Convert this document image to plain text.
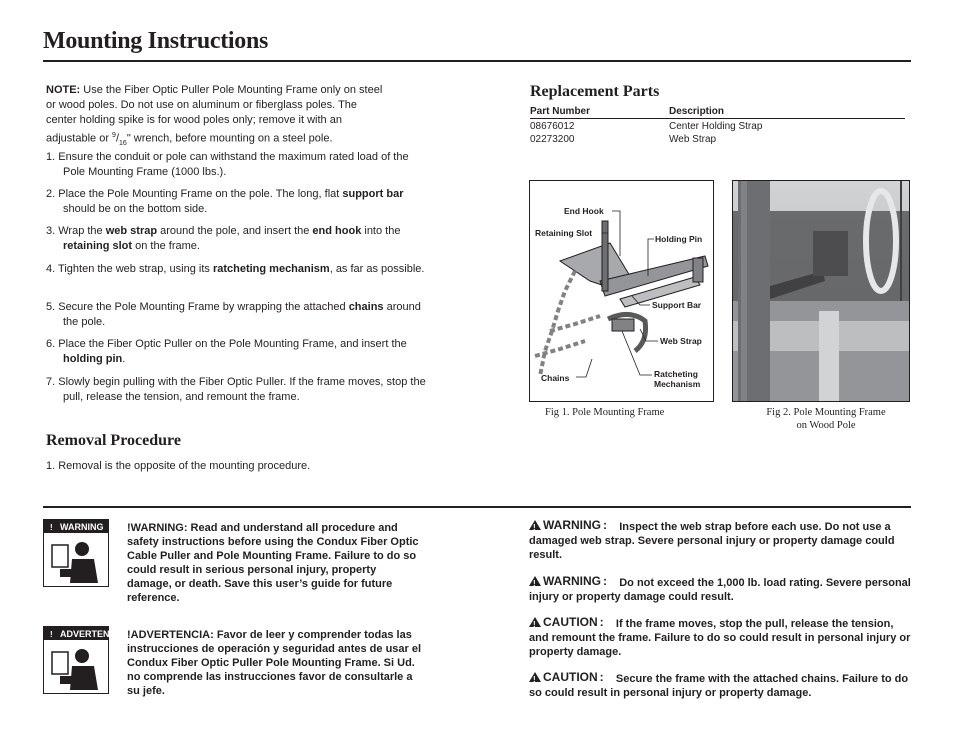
Mounting Instructions
NOTE: Use the Fiber Optic Puller Pole Mounting Frame only on steel
or wood poles. Do not use on aluminum or fiberglass poles. The
center holding spike is for wood poles only; remove it with an
adjustable or $^9/_{16}$" wrench, before mounting on a steel pole.
1. Ensure the conduit or pole can withstand the maximum rated load of the Pole Mounting Frame (1000 lbs.).
2. Place the Pole Mounting Frame on the pole. The long, flat support bar should be on the bottom side.
3. Wrap the web strap around the pole, and insert the end hook into the retaining slot on the frame.
4. Tighten the web strap, using its ratcheting mechanism, as far as possible.
5. Secure the Pole Mounting Frame by wrapping the attached chains around the pole.
6. Place the Fiber Optic Puller on the Pole Mounting Frame, and insert the holding pin.
7. Slowly begin pulling with the Fiber Optic Puller. If the frame moves, stop the pull, release the tension, and remount the frame.
Removal Procedure
1. Removal is the opposite of the mounting procedure.
Replacement Parts
Part Number	Description
08676012	Center Holding Strap
02273200	Web Strap
End Hook
Retaining Slot
Holding Pin
Support Bar
Web Strap
Ratcheting
Mechanism
Chains
Fig 1. Pole Mounting Frame	Fig 2. Pole Mounting Frame
on Wood Pole
!
WARNING
!
ADVERTENCIA
!WARNING: Read and understand all procedure and safety instructions before using the Condux Fiber Optic Cable Puller and Pole Mounting Frame. Failure to do so could result in serious personal injury, property damage, or death. Save this user’s guide for future reference.
!ADVERTENCIA: Favor de leer y comprender todas las instrucciones de operación y seguridad antes de usar el Condux Fiber Optic Puller Pole Mounting Frame. Si Ud. no comprende las instrucciones favor de consultarle a su jefe.
!
WARNING : Inspect the web strap before each use. Do not use a damaged web strap. Severe personal injury or property damage could result.
!
WARNING : Do not exceed the 1,000 lb. load rating. Severe personal injury or property damage could result.
!
CAUTION : If the frame moves, stop the pull, release the tension, and remount the frame. Failure to do so could result in personal injury or property damage.
!
CAUTION : Secure the frame with the attached chains. Failure to do so could result in personal injury or property damage.
